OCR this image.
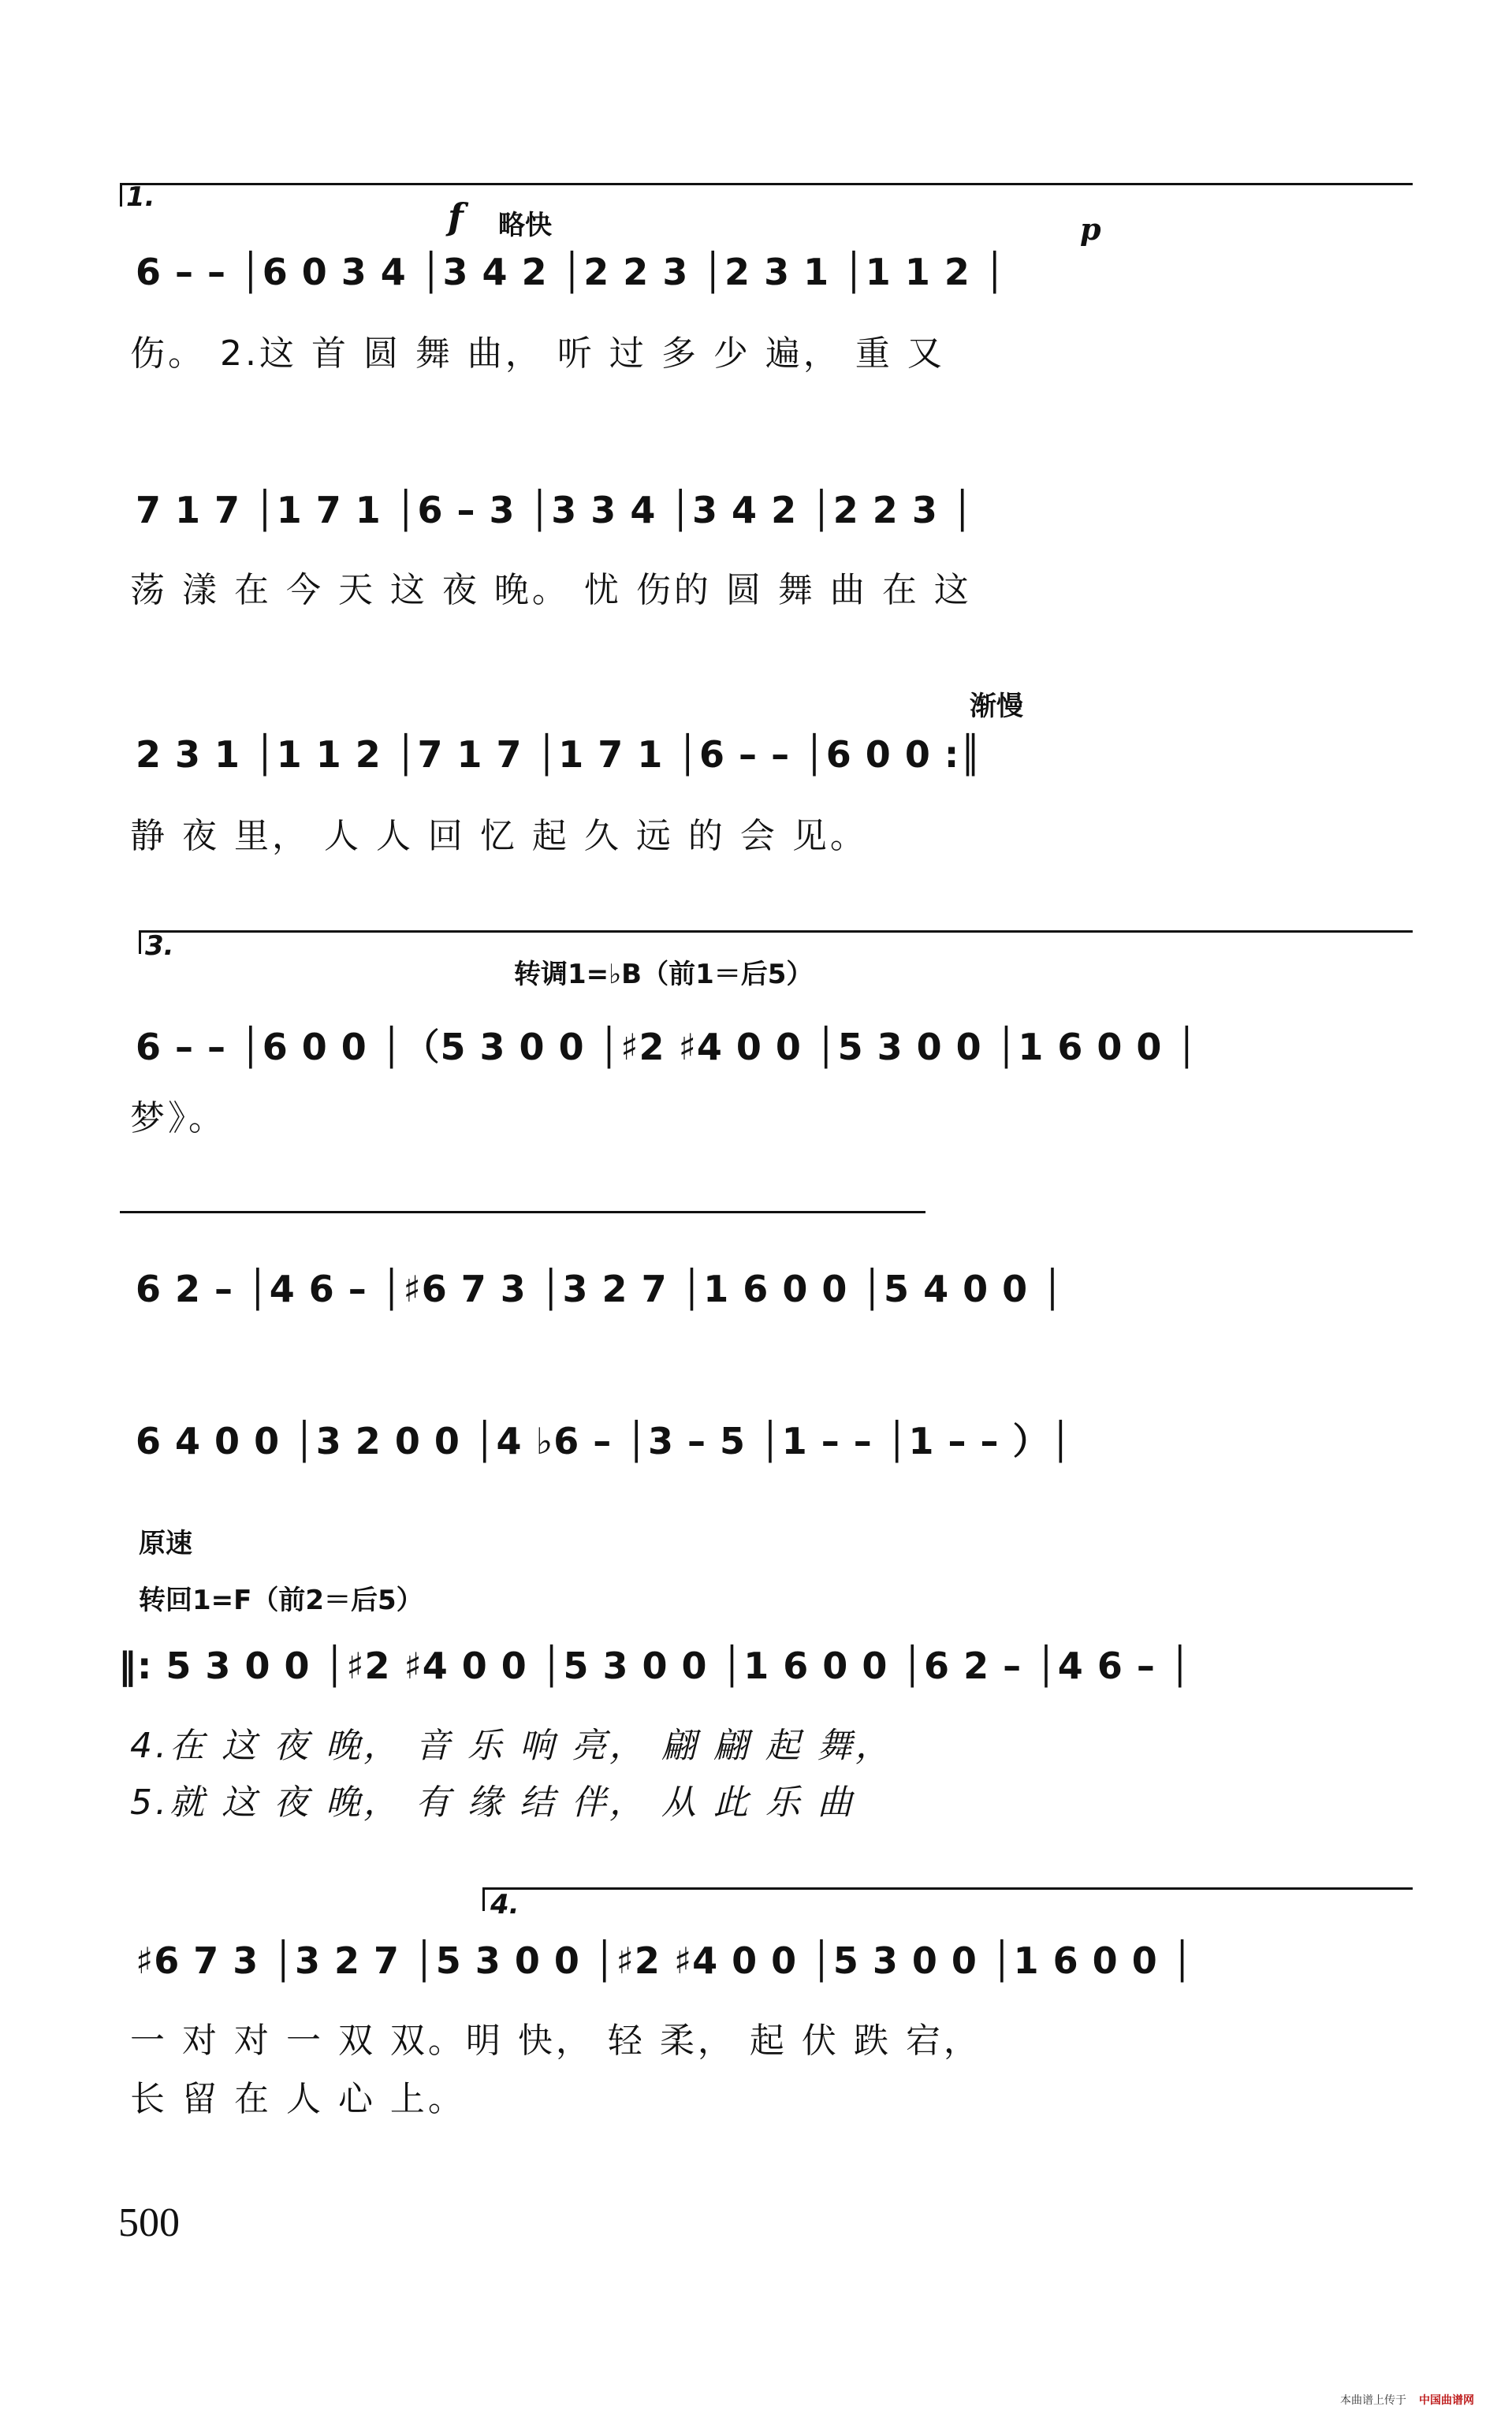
1.	f 略快	p
6 – – │6 0 3 4 │3 4 2 │2 2 3 │2 3 1 │1 1 2 │
伤。 2.这 首 圆 舞 曲， 听 过 多 少 遍， 重 又
7 1 7 │1 7 1 │6 – 3 │3 3 4 │3 4 2 │2 2 3 │
荡 漾 在 今 天 这 夜 晚。 忧 伤的 圆 舞 曲 在 这
渐慢
2 3 1 │1 1 2 │7 1 7 │1 7 1 │6 – – │6 0 0 :║
静 夜 里， 人 人 回 忆 起 久 远 的 会 见。
3.
转调1=♭B（前1＝后5）
6 – – │6 0 0 │（5 3 0 0 │♯2 ♯4 0 0 │5 3 0 0 │1 6 0 0 │
梦》。
6 2 – │4 6 – │♯6 7 3 │3 2 7 │1 6 0 0 │5 4 0 0 │
6 4 0 0 │3 2 0 0 │4 ♭6 – │3 – 5 │1 – – │1 – – ）│
原速
转回1=F（前2＝后5）
‖: 5 3 0 0 │♯2 ♯4 0 0 │5 3 0 0 │1 6 0 0 │6 2 – │4 6 – │
4.在 这 夜 晚， 音 乐 响 亮， 翩 翩 起 舞，
5.就 这 夜 晚， 有 缘 结 伴， 从 此 乐 曲
4.
♯6 7 3 │3 2 7 │5 3 0 0 │♯2 ♯4 0 0 │5 3 0 0 │1 6 0 0 │
一 对 对 一 双 双。明 快， 轻 柔， 起 伏 跌 宕，
长 留 在 人 心 上。
500
本曲谱上传于 中国曲谱网
